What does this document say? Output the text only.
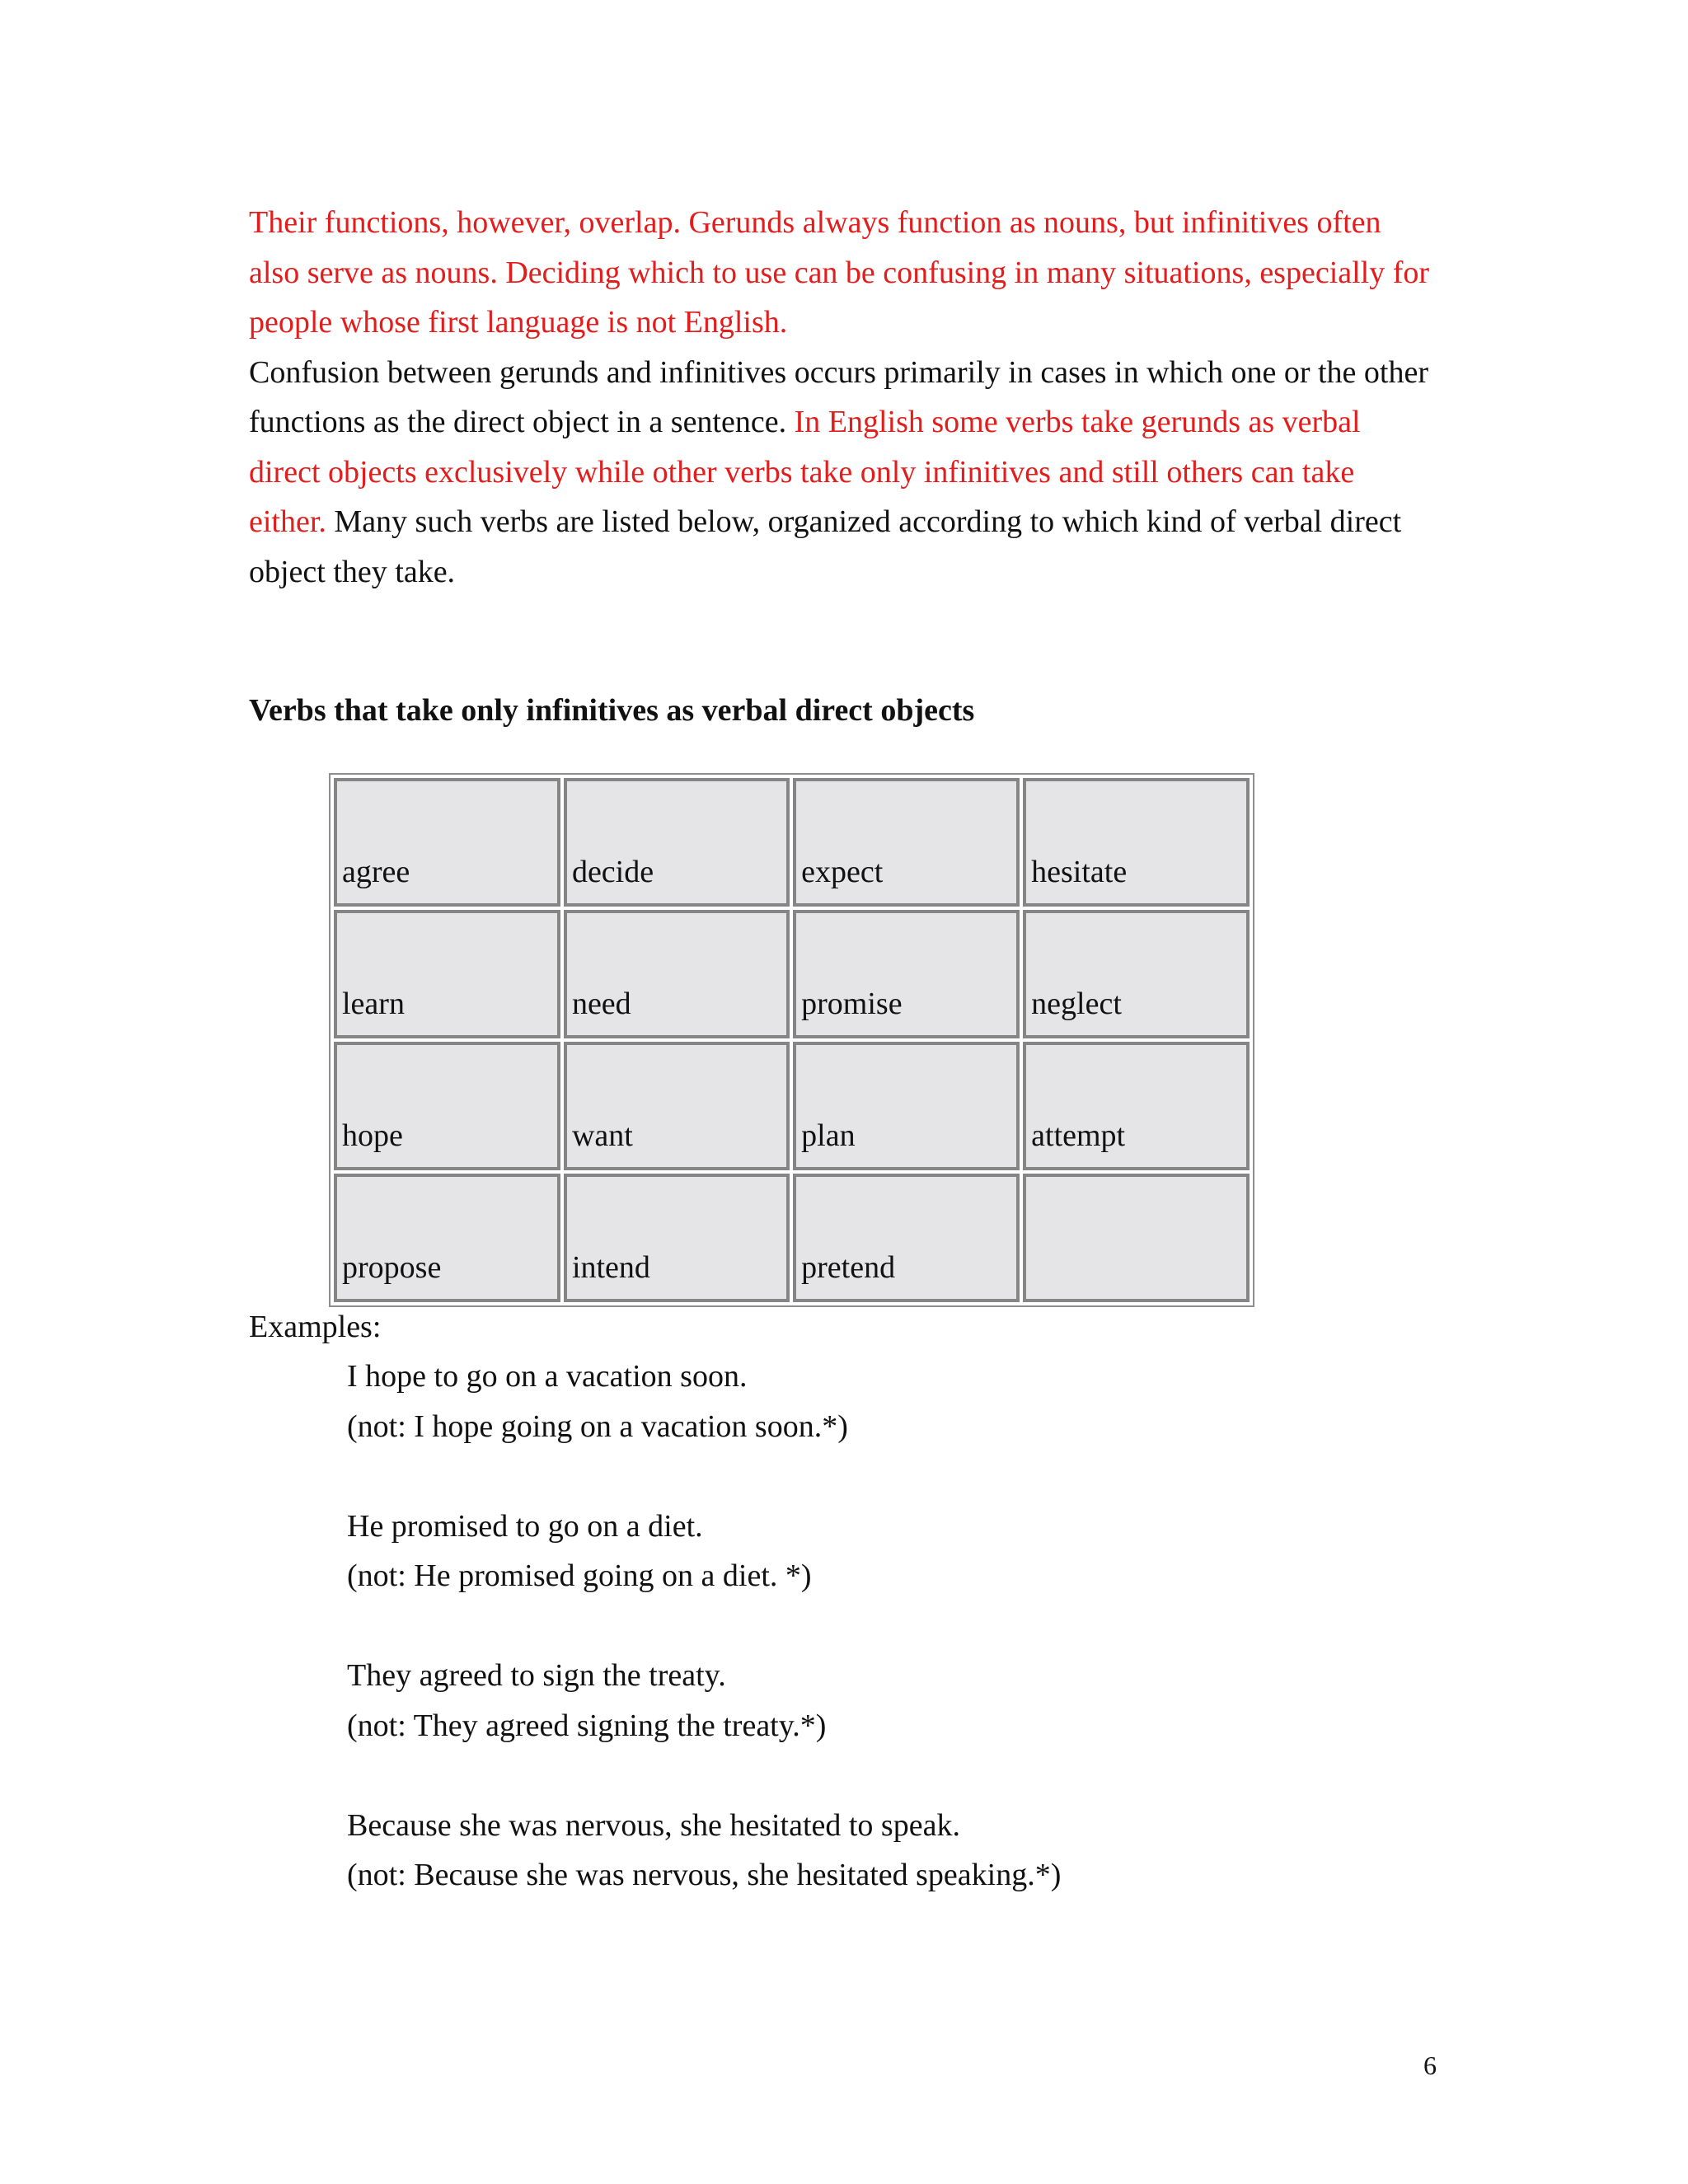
Their functions, however, overlap. Gerunds always function as nouns, but infinitives often also serve as nouns. Deciding which to use can be confusing in many situations, especially for people whose first language is not English.
Confusion between gerunds and infinitives occurs primarily in cases in which one or the other functions as the direct object in a sentence. In English some verbs take gerunds as verbal direct objects exclusively while other verbs take only infinitives and still others can take either. Many such verbs are listed below, organized according to which kind of verbal direct object they take.

Verbs that take only infinitives as verbal direct objects
agree	decide	expect	hesitate
learn	need	promise	neglect
hope	want	plan	attempt
propose	intend	pretend	

Examples:

I hope to go on a vacation soon.

(not: I hope going on a vacation soon.*)

He promised to go on a diet.

(not: He promised going on a diet. *)

They agreed to sign the treaty.

(not: They agreed signing the treaty.*)

Because she was nervous, she hesitated to speak.

(not: Because she was nervous, she hesitated speaking.*)

6
